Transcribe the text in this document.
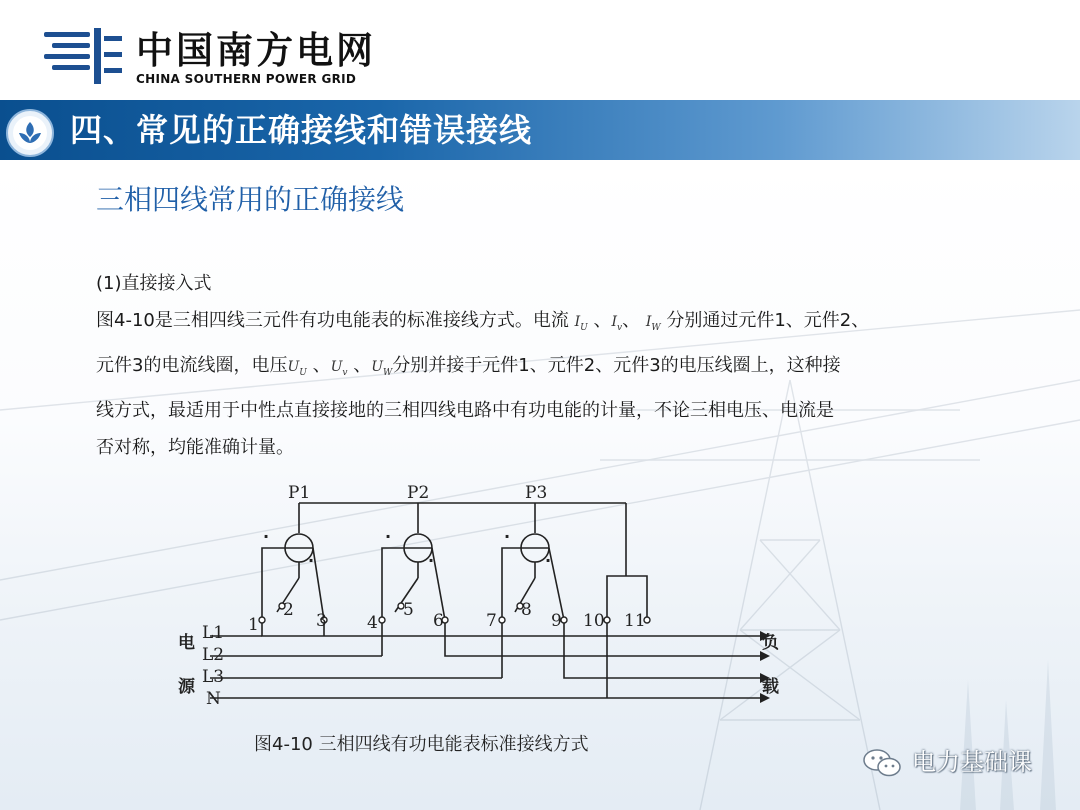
中国南方电网
CHINA SOUTHERN POWER GRID
四、常见的正确接线和错误接线
三相四线常用的正确接线

(1)直接接入式

图4-10是三相四线三元件有功电能表的标准接线方式。电流 $I_U$ 、$I_v$、 $I_W$ 分别通过元件1、元件2、

元件3的电流线圈，电压$U_U$ 、$U_v$ 、$U_W$分别并接于元件1、元件2、元件3的电压线圈上，这种接

线方式，最适用于中性点直接接地的三相四线电路中有功电能的计量，不论三相电压、电流是

否对称，均能准确计量。

P1	P2	P3
1
2
3 4
5
6 7
8
9 10 11
L1
L2
L3
N
电
源
负
载
·
·
·
·
·
·
图4-10 三相四线有功电能表标准接线方式
电力基础课
